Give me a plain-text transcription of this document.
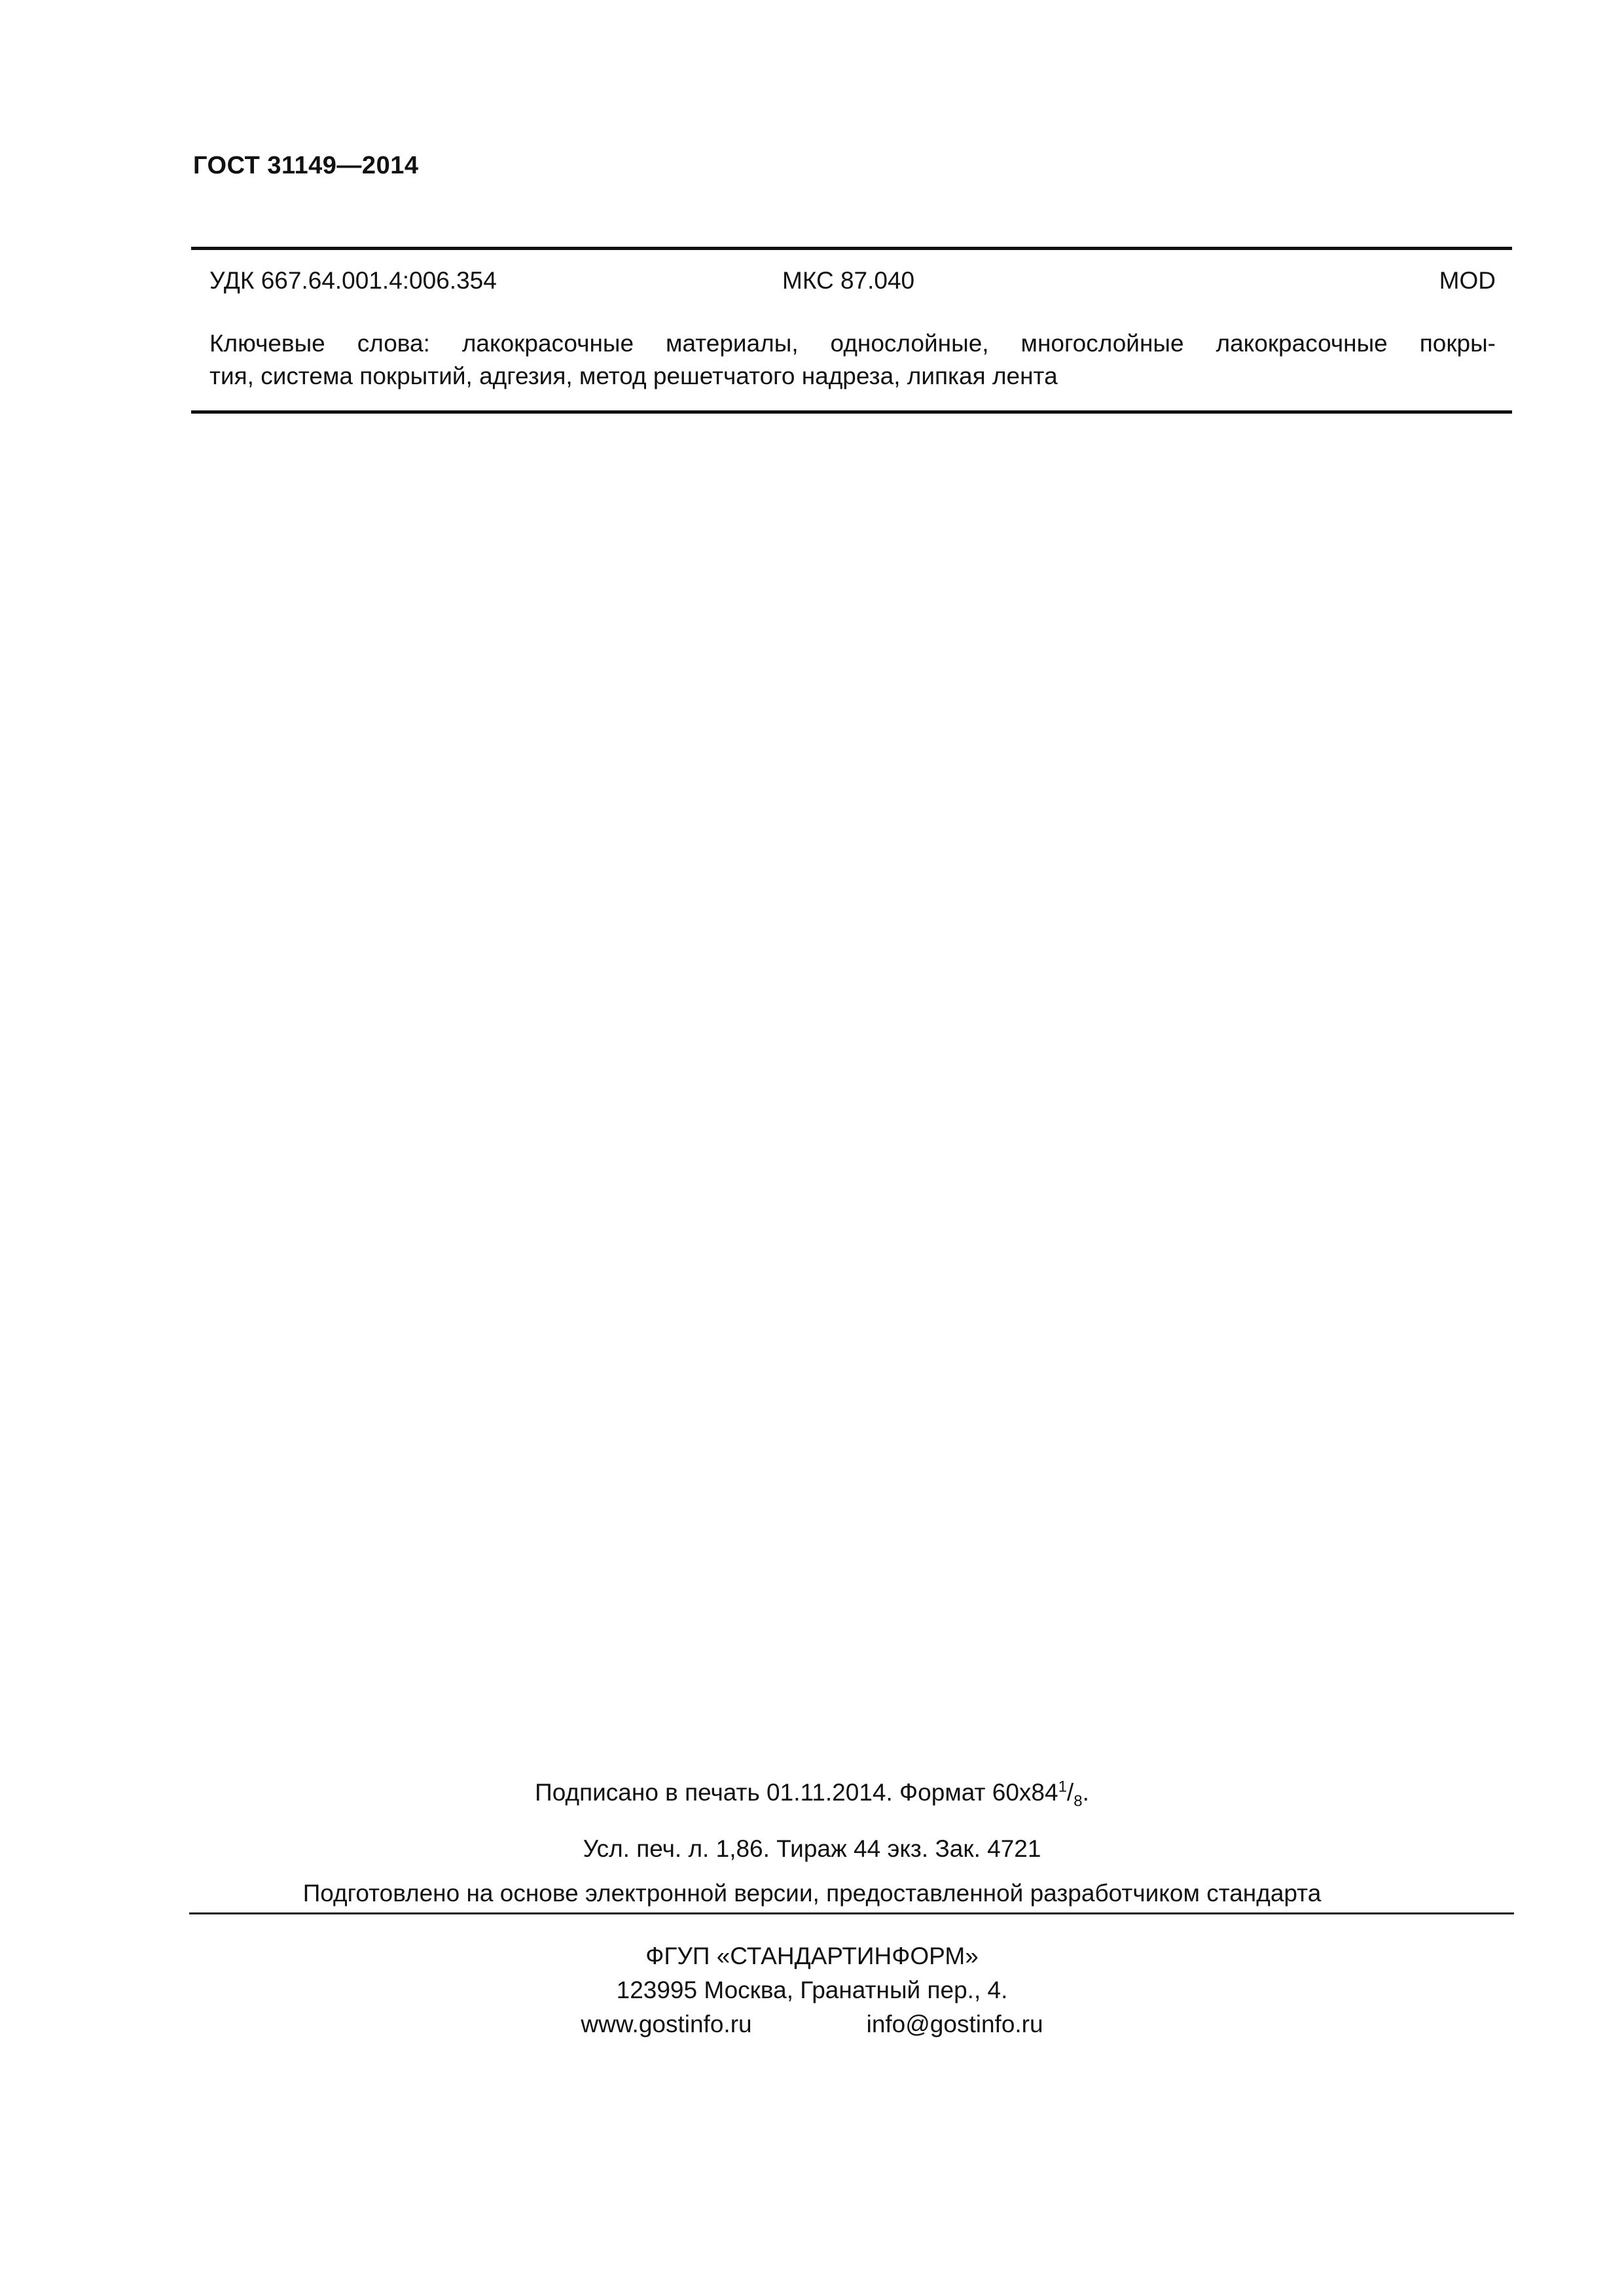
ГОСТ 31149—2014
УДК 667.64.001.4:006.354	МКС 87.040	MOD
Ключевые слова: лакокрасочные материалы, однослойные, многослойные лакокрасочные покры-
тия, система покрытий, адгезия, метод решетчатого надреза, липкая лента
Подписано в печать 01.11.2014. Формат $60x84^1/_8$.
Усл. печ. л. 1,86. Тираж 44 экз. Зак. 4721
Подготовлено на основе электронной версии, предоставленной разработчиком стандарта
ФГУП «СТАНДАРТИНФОРМ»
123995 Москва, Гранатный пер., 4.
www.gostinfo.ru	info@gostinfo.ru
